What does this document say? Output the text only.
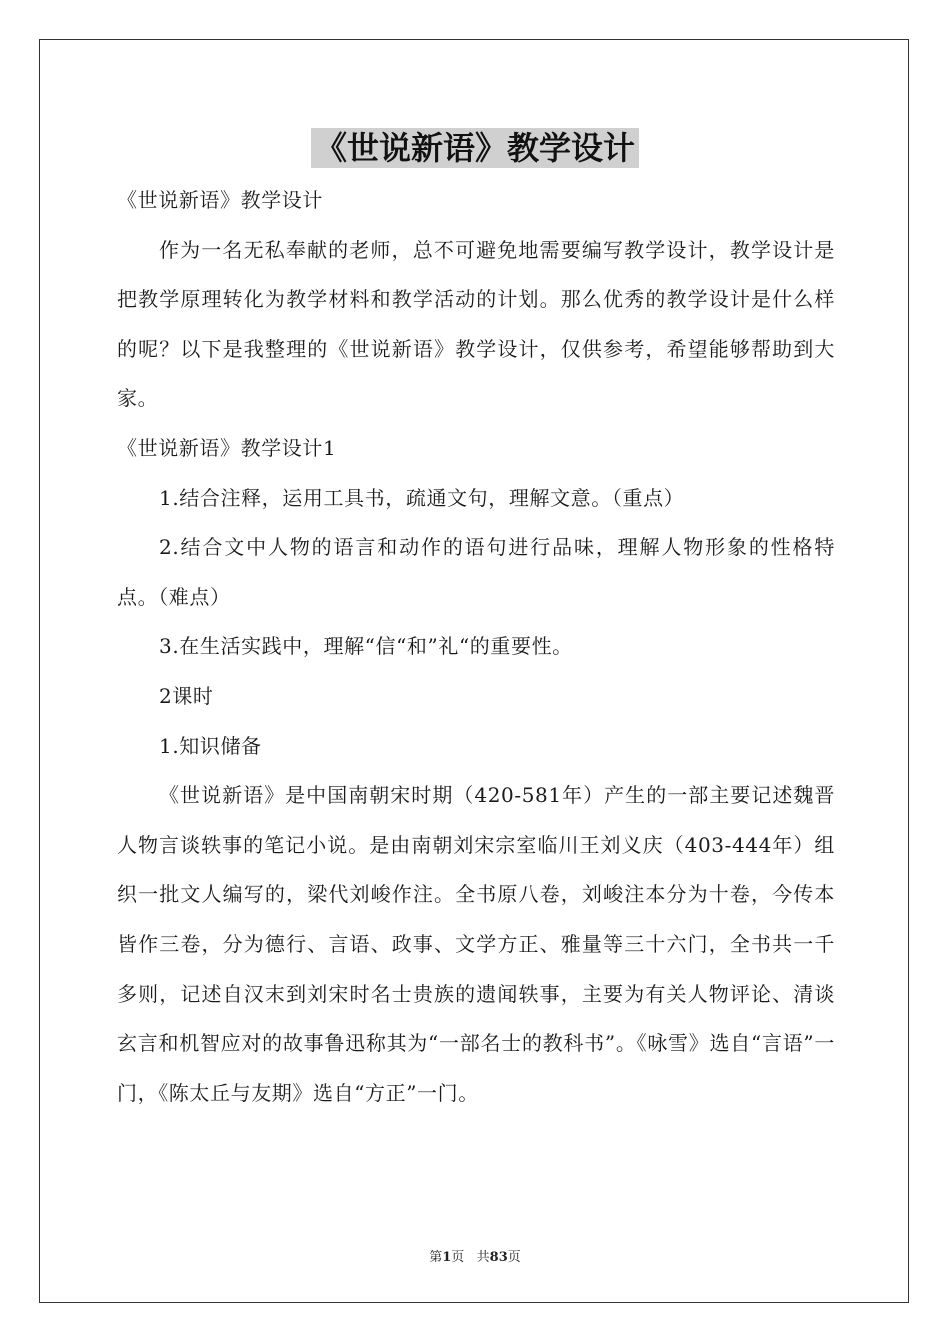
《世说新语》教学设计

《世说新语》教学设计

作为一名无私奉献的老师，总不可避免地需要编写教学设计，教学设计是把教学原理转化为教学材料和教学活动的计划。那么优秀的教学设计是什么样的呢？以下是我整理的《世说新语》教学设计，仅供参考，希望能够帮助到大家。

《世说新语》教学设计1

1.结合注释，运用工具书，疏通文句，理解文意。（重点）

2.结合文中人物的语言和动作的语句进行品味，理解人物形象的性格特点。（难点）

3.在生活实践中，理解“信“和”礼“的重要性。

2课时

1.知识储备

《世说新语》是中国南朝宋时期（420-581年）产生的一部主要记述魏晋人物言谈轶事的笔记小说。是由南朝刘宋宗室临川王刘义庆（403-444年）组织一批文人编写的，梁代刘峻作注。全书原八卷，刘峻注本分为十卷，今传本皆作三卷，分为德行、言语、政事、文学方正、雅量等三十六门，全书共一千多则，记述自汉末到刘宋时名士贵族的遗闻轶事，主要为有关人物评论、清谈玄言和机智应对的故事鲁迅称其为“一部名士的教科书”。《咏雪》选自“言语”一门，《陈太丘与友期》选自“方正”一门。

第1页   共83页
